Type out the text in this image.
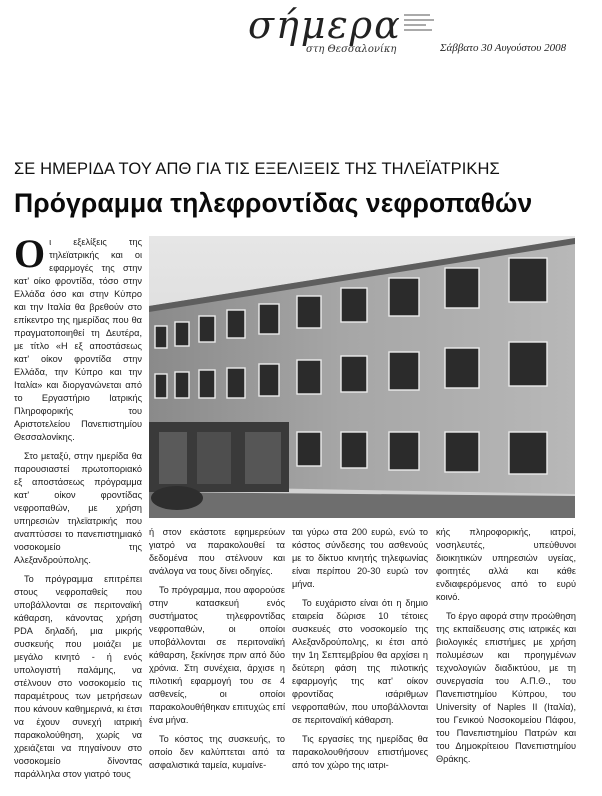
σήμερα
στη Θεσσαλονίκη	Σάββατο 30 Αυγούστου 2008
ΣΕ ΗΜΕΡΙΔΑ ΤΟΥ ΑΠΘ ΓΙΑ ΤΙΣ ΕΞΕΛΙΞΕΙΣ ΤΗΣ ΤΗΛΕΪΑΤΡΙΚΗΣ
Πρόγραμμα τηλεφροντίδας νεφροπαθών

Οι εξελίξεις της τηλεϊατρικής και οι εφαρμογές της στην κατ' οίκο φροντίδα, τόσο στην Ελλάδα όσο και στην Κύπρο και την Ιταλία θα βρεθούν στο επίκεντρο της ημερίδας που θα πραγματοποιηθεί τη Δευτέρα, με τίτλο «Η εξ αποστάσεως κατ' οίκον φροντίδα στην Ελλάδα, την Κύπρο και την Ιταλία» και διοργανώνεται από το Εργαστήριο Ιατρικής Πληροφορικής του Αριστοτελείου Πανεπιστημίου Θεσσαλονίκης.

Στο μεταξύ, στην ημερίδα θα παρουσιαστεί πρωτοποριακό εξ αποστάσεως πρόγραμμα κατ' οίκον φροντίδας νεφροπαθών, με χρήση υπηρεσιών τηλεϊατρικής που αναπτύσσει το πανεπιστημιακό νοσοκομείο της Αλεξανδρούπολης.

Το πρόγραμμα επιτρέπει στους νεφροπαθείς που υποβάλλονται σε περιτοναϊκή κάθαρση, κάνοντας χρήση PDA δηλαδή, μια μικρής συσκευής που μοιάζει με μεγάλο κινητό - ή ενός υπολογιστή παλάμης, να στέλνουν στο νοσοκομείο τις παραμέτρους των μετρήσεων που κάνουν καθημερινά, κι έτσι να έχουν συνεχή ιατρική παρακολούθηση, χωρίς να χρειάζεται να πηγαίνουν στο νοσοκομείο δίνοντας παράλληλα στον γιατρό τους

ή στον εκάστοτε εφημερεύων γιατρό να παρακολουθεί τα δεδομένα που στέλνουν και ανάλογα να τους δίνει οδηγίες.

Το πρόγραμμα, που αφορούσε στην κατασκευή ενός συστήματος τηλεφροντίδας νεφροπαθών, οι οποίοι υποβάλλονται σε περιτοναϊκή κάθαρση, ξεκίνησε πριν από δύο χρόνια. Στη συνέχεια, άρχισε η πιλοτική εφαρμογή του σε 4 ασθενείς, οι οποίοι παρακολουθήθηκαν επιτυχώς επί ένα μήνα.

Το κόστος της συσκευής, το οποίο δεν καλύπτεται από τα ασφαλιστικά ταμεία, κυμαίνε-

ται γύρω στα 200 ευρώ, ενώ το κόστος σύνδεσης του ασθενούς με το δίκτυο κινητής τηλεφωνίας είναι περίπου 20-30 ευρώ τον μήνα.

Το ευχάριστο είναι ότι η δημιο εταιρεία δώρισε 10 τέτοιες συσκευές στο νοσοκομείο της Αλεξανδρούπολης, κι έτσι από την 1η Σεπτεμβρίου θα αρχίσει η δεύτερη φάση της πιλοτικής εφαρμογής της κατ' οίκον φροντίδας ισάριθμων νεφροπαθών, που υποβάλλονται σε περιτοναϊκή κάθαρση.

Τις εργασίες της ημερίδας θα παρακολουθήσουν επιστήμονες από τον χώρο της ιατρι-

κής πληροφορικής, ιατροί, νοσηλευτές, υπεύθυνοι διοικητικών υπηρεσιών υγείας, φοιτητές αλλά και κάθε ενδιαφερόμενος από το ευρύ κοινό.

Το έργο αφορά στην προώθηση της εκπαίδευσης στις ιατρικές και βιολογικές επιστήμες με χρήση πολυμέσων και προηγμένων τεχνολογιών διαδικτύου, με τη συνεργασία του Α.Π.Θ., του Πανεπιστημίου Κύπρου, του University of Naples II (Ιταλία), του Γενικού Νοσοκομείου Πάφου, του Πανεπιστημίου Πατρών και του Δημοκρίτειου Πανεπιστημίου Θράκης.
